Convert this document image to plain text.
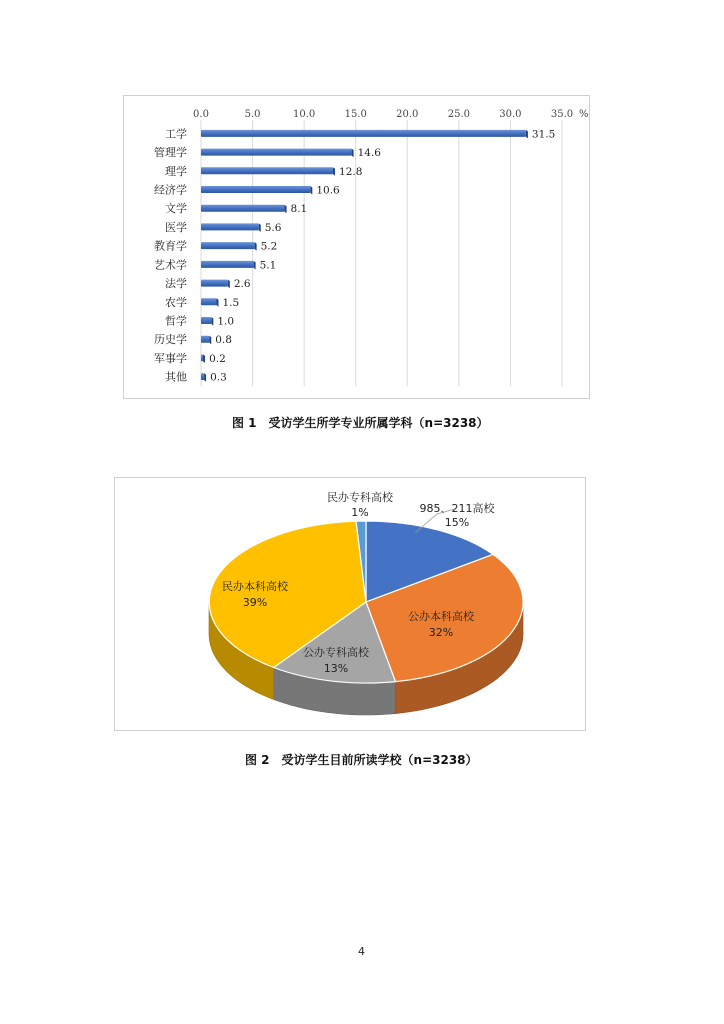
0.0	5.0	10.0	15.0	20.0	25.0	30.0	35.0 %
工学	31.5
管理学	14.6
理学	12.8
经济学	10.6
文学	8.1
医学	5.6
教育学	5.2
艺术学	5.1
法学	2.6
农学	1.5
哲学	1.0
历史学	0.8
军事学 0.2
其他 0.3
图 1　受访学生所学专业所属学科（n=3238）
985、211高校
15%
公办本科高校
32%
公办专科高校
13%
民办本科高校
39%
民办专科高校
1%
图 2　受访学生目前所读学校（n=3238）
4
